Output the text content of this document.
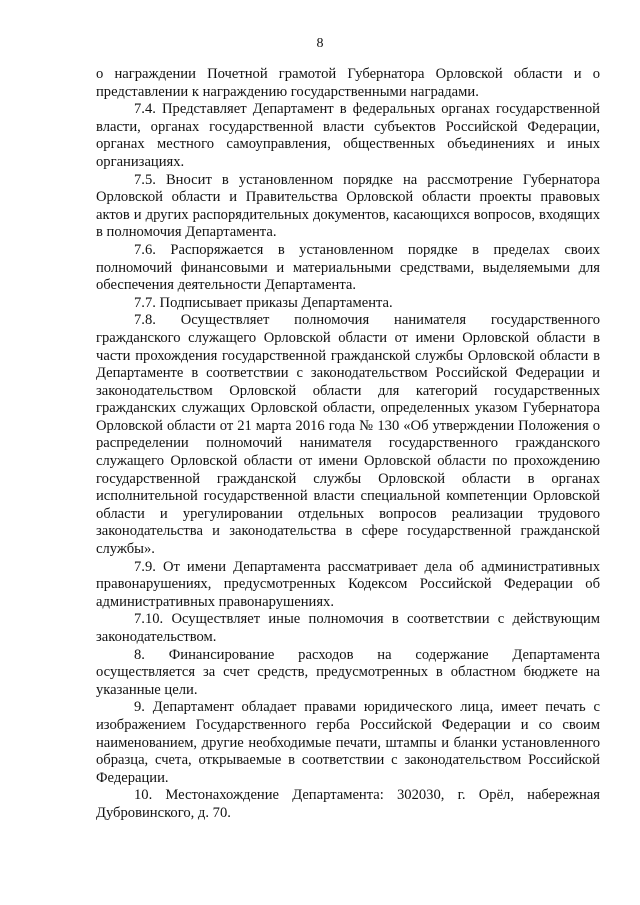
8

о награждении Почетной грамотой Губернатора Орловской области и о представлении к награждению государственными наградами.

7.4. Представляет Департамент в федеральных органах государственной власти, органах государственной власти субъектов Российской Федерации, органах местного самоуправления, общественных объединениях и иных организациях.

7.5. Вносит в установленном порядке на рассмотрение Губернатора Орловской области и Правительства Орловской области проекты правовых актов и других распорядительных документов, касающихся вопросов, входящих в полномочия Департамента.

7.6. Распоряжается в установленном порядке в пределах своих полномочий финансовыми и материальными средствами, выделяемыми для обеспечения деятельности Департамента.

7.7. Подписывает приказы Департамента.

7.8. Осуществляет полномочия нанимателя государственного гражданского служащего Орловской области от имени Орловской области в части прохождения государственной гражданской службы Орловской области в Департаменте в соответствии с законодательством Российской Федерации и законодательством Орловской области для категорий государственных гражданских служащих Орловской области, определенных указом Губернатора Орловской области от 21 марта 2016 года № 130 «Об утверждении Положения о распределении полномочий нанимателя государственного гражданского служащего Орловской области от имени Орловской области по прохождению государственной гражданской службы Орловской области в органах исполнительной государственной власти специальной компетенции Орловской области и урегулировании отдельных вопросов реализации трудового законодательства и законодательства в сфере государственной гражданской службы».

7.9. От имени Департамента рассматривает дела об административных правонарушениях, предусмотренных Кодексом Российской Федерации об административных правонарушениях.

7.10. Осуществляет иные полномочия в соответствии с действующим законодательством.

8. Финансирование расходов на содержание Департамента осуществляется за счет средств, предусмотренных в областном бюджете на указанные цели.

9. Департамент обладает правами юридического лица, имеет печать с изображением Государственного герба Российской Федерации и со своим наименованием, другие необходимые печати, штампы и бланки установленного образца, счета, открываемые в соответствии с законодательством Российской Федерации.

10. Местонахождение Департамента: 302030, г. Орёл, набережная Дубровинского, д. 70.
